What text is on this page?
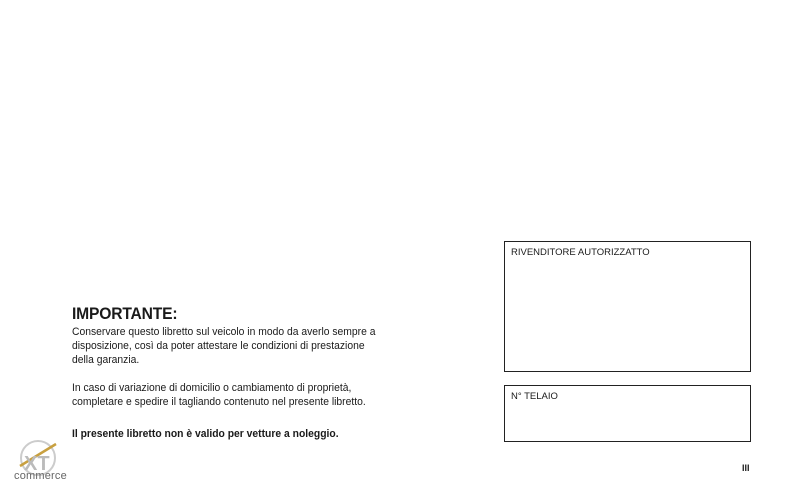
IMPORTANTE:

Conservare questo libretto sul veicolo in modo da averlo sempre a

disposizione, così da poter attestare le condizioni di prestazione

della garanzia.

In caso di variazione di domicilio o cambiamento di proprietà,

completare e spedire il tagliando contenuto nel presente libretto.

Il presente libretto non è valido per vetture a noleggio.

RIVENDITORE AUTORIZZATTO
N° TELAIO
III
XT
commerce
